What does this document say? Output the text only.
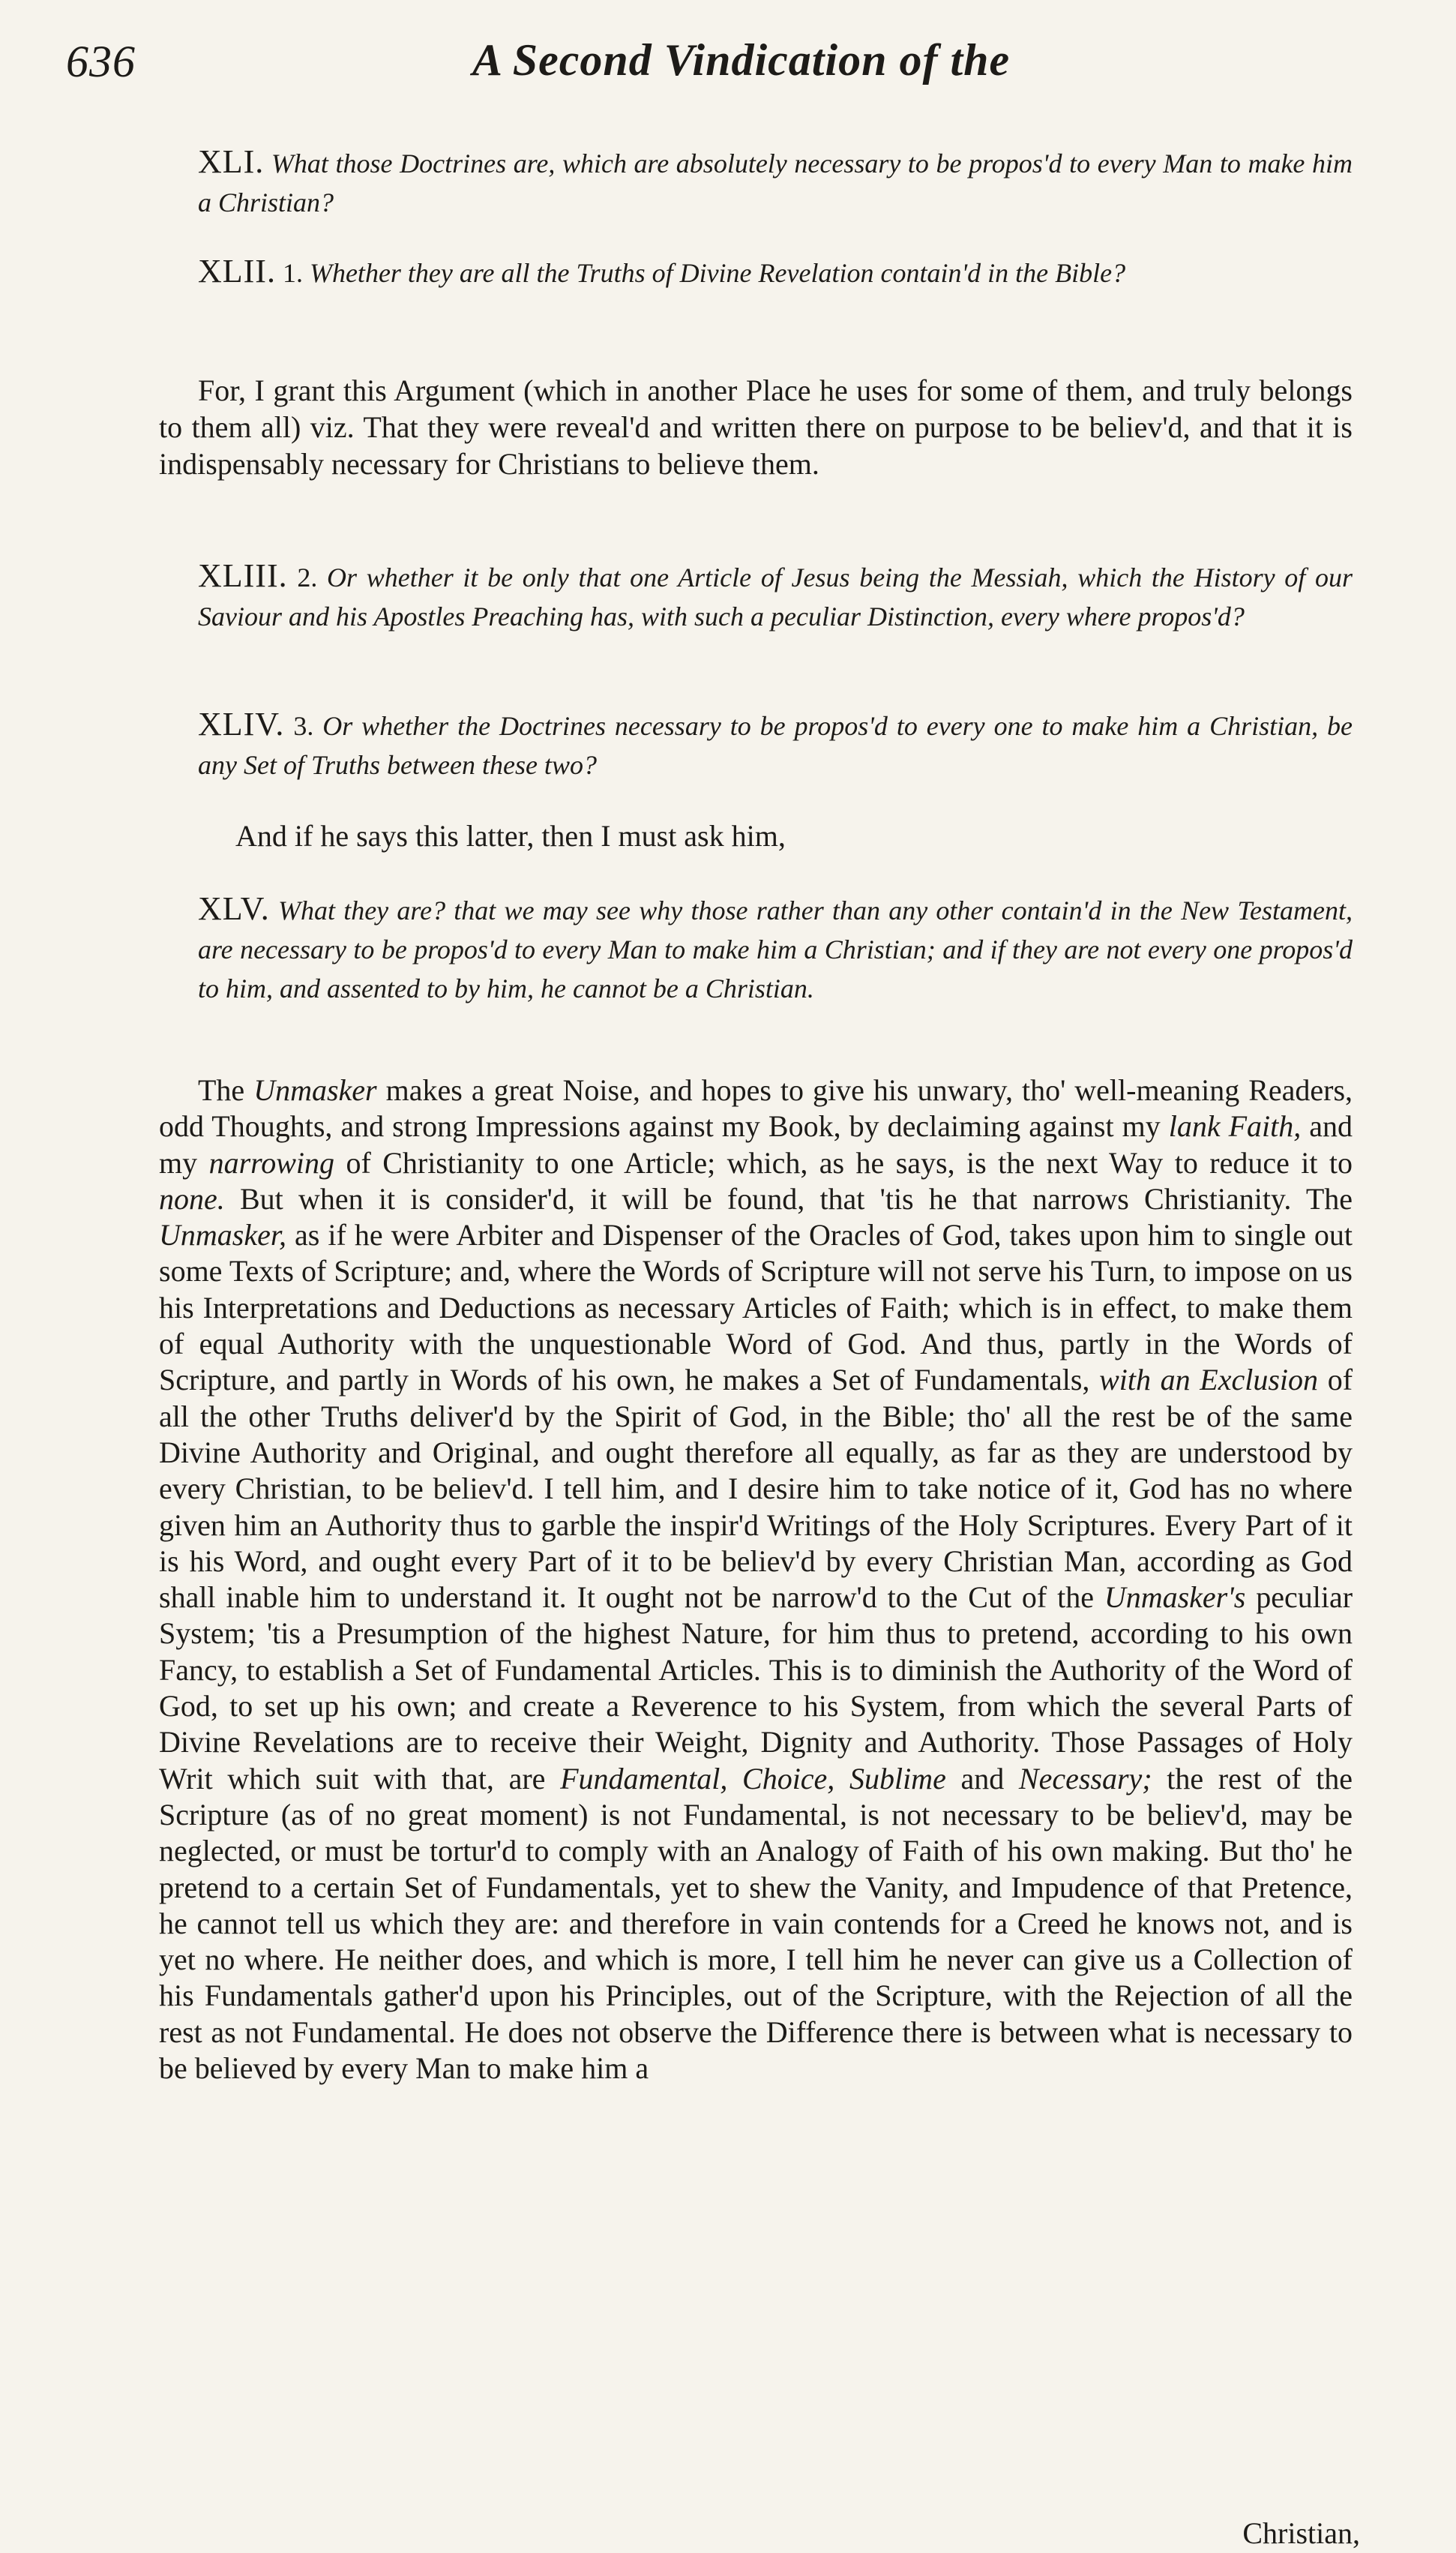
636	A Second Vindication of the
XLI. What those Doctrines are, which are absolutely necessary to be propos'd to every Man to make him a Christian?
XLII. 1. Whether they are all the Truths of Divine Revelation contain'd in the Bible?
For, I grant this Argument (which in another Place he uses for some of them, and truly belongs to them all) viz. That they were reveal'd and written there on purpose to be believ'd, and that it is indispensably necessary for Christians to believe them.
XLIII. 2. Or whether it be only that one Article of Jesus being the Messiah, which the History of our Saviour and his Apostles Preaching has, with such a peculiar Distinction, every where propos'd?
XLIV. 3. Or whether the Doctrines necessary to be propos'd to every one to make him a Christian, be any Set of Truths between these two?
And if he says this latter, then I must ask him,
XLV. What they are? that we may see why those rather than any other contain'd in the New Testament, are necessary to be propos'd to every Man to make him a Christian; and if they are not every one propos'd to him, and assented to by him, he cannot be a Christian.
The Unmasker makes a great Noise, and hopes to give his unwary, tho' well-meaning Readers, odd Thoughts, and strong Impressions against my Book, by declaiming against my lank Faith, and my narrowing of Christianity to one Article; which, as he says, is the next Way to reduce it to none. But when it is consider'd, it will be found, that 'tis he that narrows Christianity. The Unmasker, as if he were Arbiter and Dispenser of the Oracles of God, takes upon him to single out some Texts of Scripture; and, where the Words of Scripture will not serve his Turn, to impose on us his Interpretations and Deductions as necessary Articles of Faith; which is in effect, to make them of equal Authority with the unquestionable Word of God. And thus, partly in the Words of Scripture, and partly in Words of his own, he makes a Set of Fundamentals, with an Exclusion of all the other Truths deliver'd by the Spirit of God, in the Bible; tho' all the rest be of the same Divine Authority and Original, and ought therefore all equally, as far as they are understood by every Christian, to be believ'd. I tell him, and I desire him to take notice of it, God has no where given him an Authority thus to garble the inspir'd Writings of the Holy Scriptures. Every Part of it is his Word, and ought every Part of it to be believ'd by every Christian Man, according as God shall inable him to understand it. It ought not be narrow'd to the Cut of the Unmasker's peculiar System; 'tis a Presumption of the highest Nature, for him thus to pretend, according to his own Fancy, to establish a Set of Fundamental Articles. This is to diminish the Authority of the Word of God, to set up his own; and create a Reverence to his System, from which the several Parts of Divine Revelations are to receive their Weight, Dignity and Authority. Those Passages of Holy Writ which suit with that, are Fundamental, Choice, Sublime and Necessary; the rest of the Scripture (as of no great moment) is not Fundamental, is not necessary to be believ'd, may be neglected, or must be tortur'd to comply with an Analogy of Faith of his own making. But tho' he pretend to a certain Set of Fundamentals, yet to shew the Vanity, and Impudence of that Pretence, he cannot tell us which they are: and therefore in vain contends for a Creed he knows not, and is yet no where. He neither does, and which is more, I tell him he never can give us a Collection of his Fundamentals gather'd upon his Principles, out of the Scripture, with the Rejection of all the rest as not Fundamental. He does not observe the Difference there is between what is necessary to be believed by every Man to make him a
Christian,
